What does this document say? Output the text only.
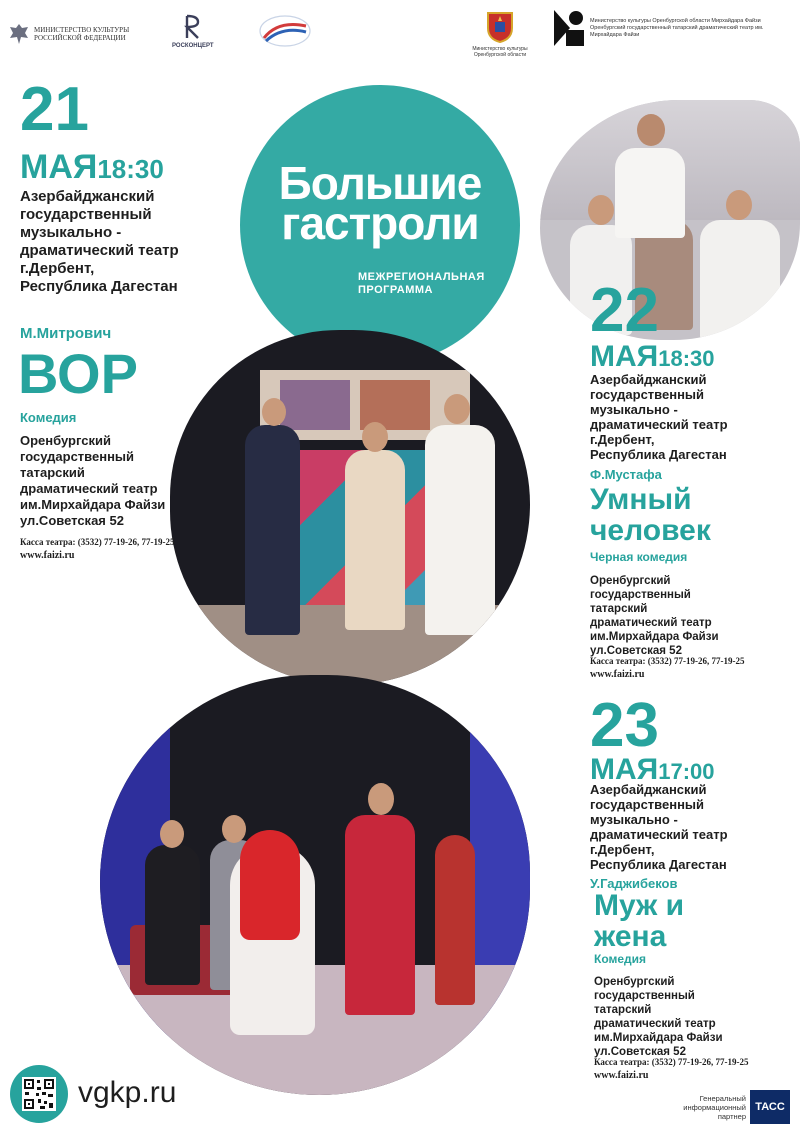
МИНИСТЕРСТВО КУЛЬТУРЫ РОССИЙСКОЙ ФЕДЕРАЦИИ
РОСКОНЦЕРТ	Министерство культуры Оренбургской области
Министерство культуры Оренбургской области Мирхайдара Файзи Оренбургский государственный татарский драматический театр им. Мирхайдара Файзи
Большие
гастроли
МЕЖРЕГИОНАЛЬНАЯ
ПРОГРАММА
21
МАЯ18:30
Азербайджанский
государственный
музыкально -
драматический театр
г.Дербент,
Республика Дагестан
М.Митрович
ВОР
Комедия
Оренбургский
государственный
татарский
драматический театр
им.Мирхайдара Файзи
ул.Советская 52
Касса театра: (3532) 77-19-26, 77-19-25
www.faizi.ru
22
МАЯ18:30
Азербайджанский
государственный
музыкально -
драматический театр
г.Дербент,
Республика Дагестан
Ф.Мустафа
Умный
человек
Черная комедия
Оренбургский
государственный
татарский
драматический театр
им.Мирхайдара Файзи
ул.Советская 52
Касса театра: (3532) 77-19-26, 77-19-25
www.faizi.ru
23
МАЯ17:00
Азербайджанский
государственный
музыкально -
драматический театр
г.Дербент,
Республика Дагестан
У.Гаджибеков
Муж и
жена
Комедия
Оренбургский
государственный
татарский
драматический театр
им.Мирхайдара Файзи
ул.Советская 52
Касса театра: (3532) 77-19-26, 77-19-25
www.faizi.ru
vgkp.ru	Генеральный
информационный
партнер
ТАСС
